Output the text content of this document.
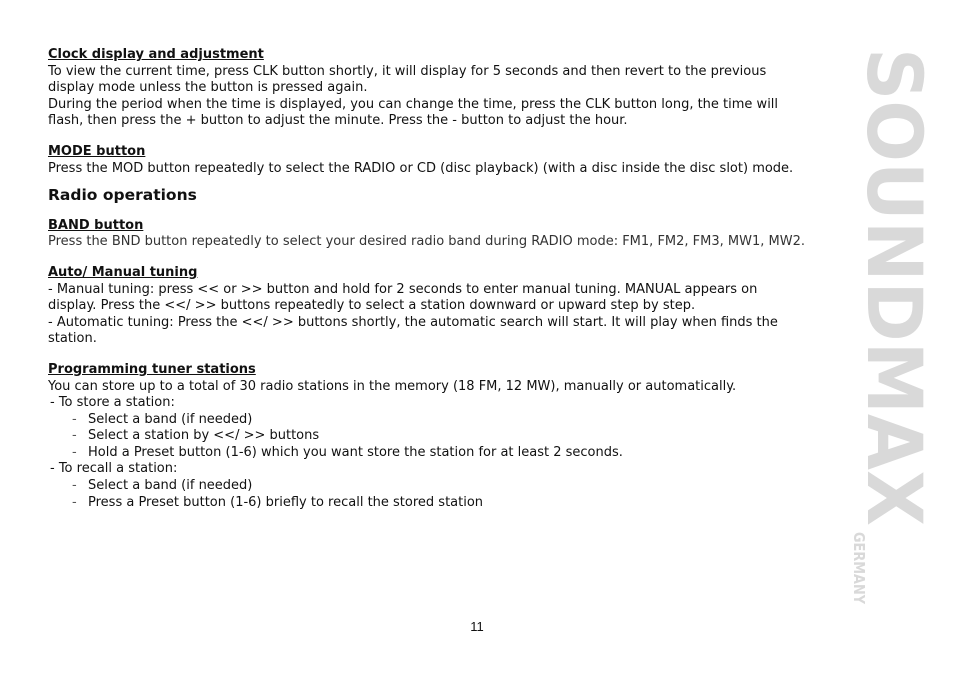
Clock display and adjustment

To view the current time, press CLK button shortly, it will display for 5 seconds and then revert to the previous display mode unless the button is pressed again.

During the period when the time is displayed, you can change the time, press the CLK button long, the time will flash, then press the + button to adjust the minute. Press the - button to adjust the hour.

MODE button

Press the MOD button repeatedly to select the RADIO or CD (disc playback) (with a disc inside the disc slot) mode.

Radio operations

BAND button

Press the BND button repeatedly to select your desired radio band during RADIO mode: FM1, FM2, FM3, MW1, MW2.

Auto/ Manual tuning

- Manual tuning: press << or >> button and hold for 2 seconds to enter manual tuning. MANUAL appears on display. Press the <</ >> buttons repeatedly to select a station downward or upward step by step.

- Automatic tuning: Press the <</ >> buttons shortly, the automatic search will start. It will play when finds the station.

Programming tuner stations

You can store up to a total of 30 radio stations in the memory (18 FM, 12 MW), manually or automatically.

- To store a station:

- Select a band (if needed)
- Select a station by <</ >> buttons
- Hold a Preset button (1-6) which you want store the station for at least 2 seconds.

- To recall a station:

- Select a band (if needed)
- Press a Preset button (1-6) briefly to recall the stored station
11
SOUNDMAX
GERMANY
